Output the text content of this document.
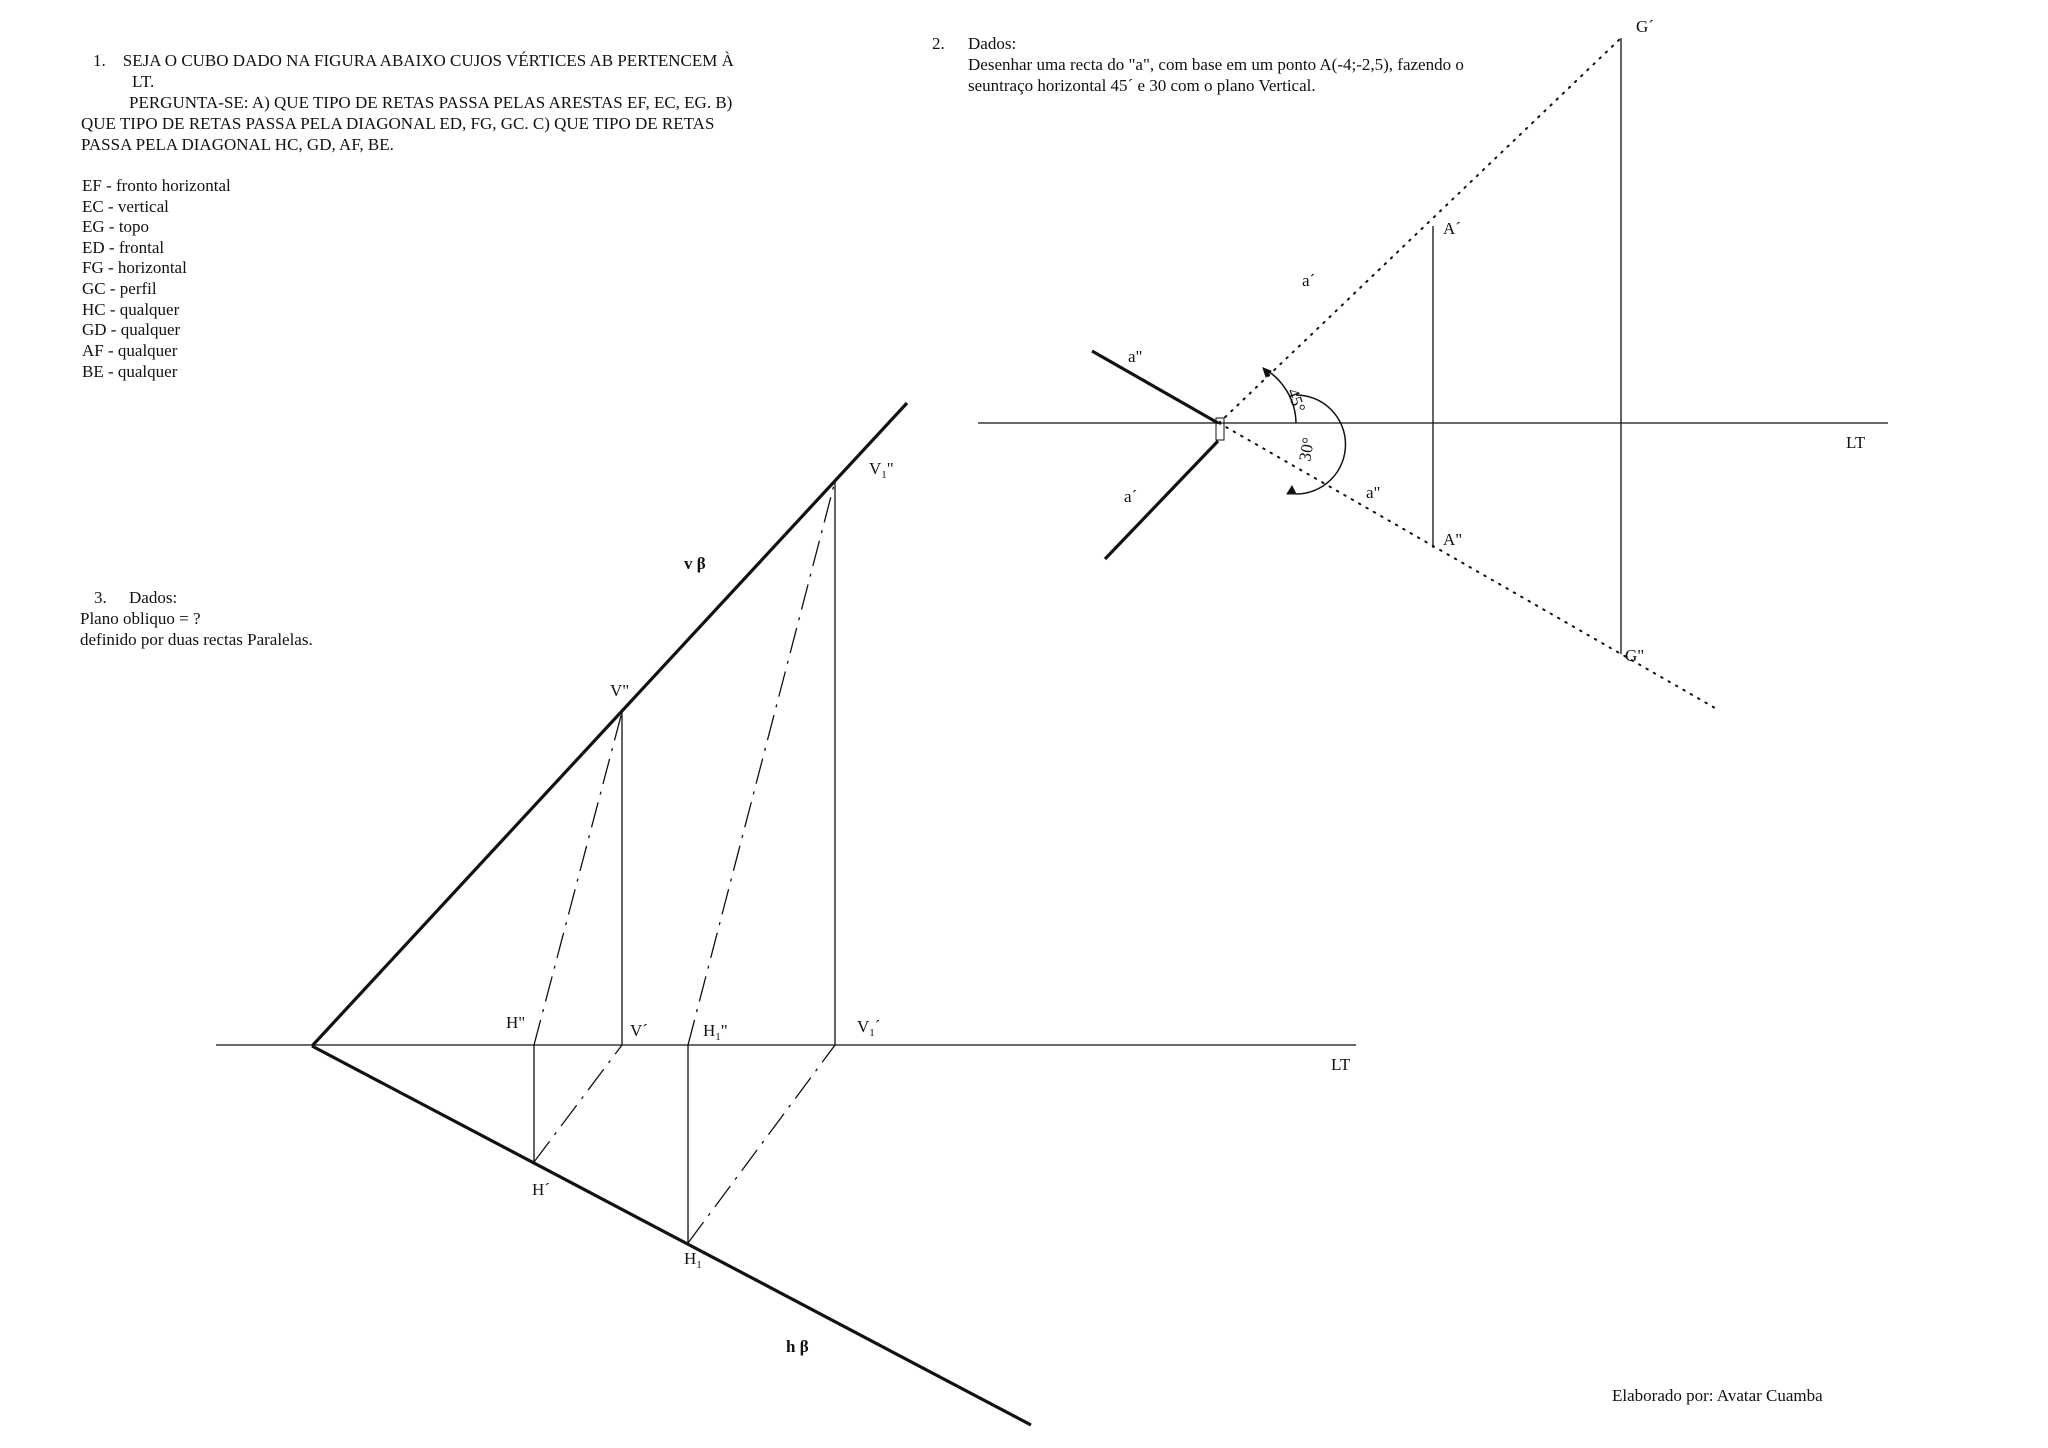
1. SEJA O CUBO DADO NA FIGURA ABAIXO CUJOS VÉRTICES AB PERTENCEM À
LT.
PERGUNTA-SE: A) QUE TIPO DE RETAS PASSA PELAS ARESTAS EF, EC, EG. B)
QUE TIPO DE RETAS PASSA PELA DIAGONAL ED, FG, GC. C) QUE TIPO DE RETAS
PASSA PELA DIAGONAL HC, GD, AF, BE.
EF - fronto horizontal
EC - vertical
EG - topo
ED - frontal
FG - horizontal
GC - perfil
HC - qualquer
GD - qualquer
AF - qualquer
BE - qualquer
2. Dados:
Desenhar uma recta do "a", com base em um ponto A(-4;-2,5), fazendo o
seuntraço horizontal 45´ e 30 com o plano Vertical.
3. Dados:
Plano obliquo = ?
definido por duas rectas Paralelas.
Elaborado por: Avatar Cuamba
G´
A´
a´
a"
a´	a"
A"
G"
LT
45°
30°
v β
h β
$V_1$"
V"
H"	V´	$H_1$"	$V_1´$
H´
$H_1´$
LT
